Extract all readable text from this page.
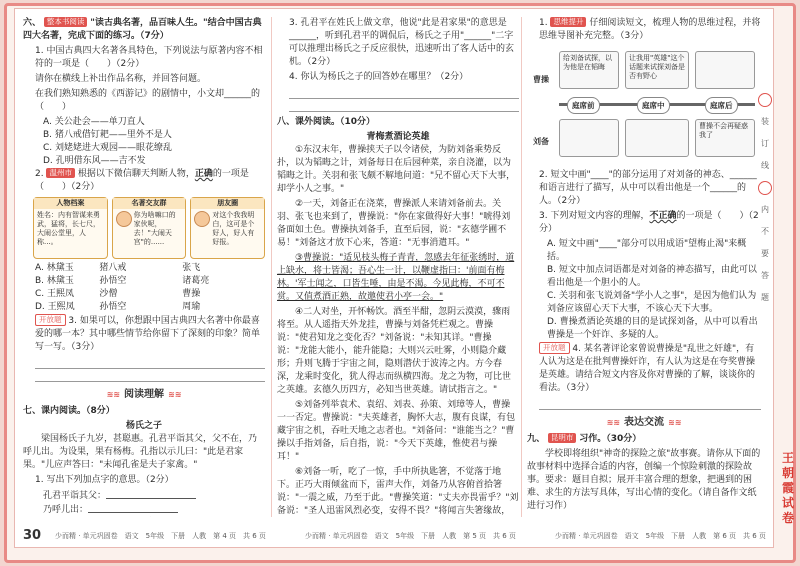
六、 整本书阅读 "读古典名著，品百味人生。"结合中国古典四大名著，完成下面的练习。（7分）
1. 中国古典四大名著各具特色，下列说法与原著内容不相符的一项是（　　）（2分）
请你在横线上补出作品名称，并回答问题。
在我们熟知熟悉的《西游记》的剧情中，小文却______的（　　）
A. 关公赴会——单刀直人
B. 猪八戒借钉耙——里外不是人
C. 刘姥姥进大观园——眼花缭乱
D. 孔明借东风——吉不发
2. 温州市 根据以下微信聊天判断人物，正确的一项是（　　）（2分）
人物档案
姓名：内有智谋来勇武，猛将，长七尺，大闹公堂里，人称...。
名著交友群
你为啥嘛口的家伙呢，去！"大闹天宫"的......
朋友圈
对这个我我明白，这可是个好人，好人有好报。
A. 林黛玉	猪八戒	张飞
B. 林黛玉	孙悟空	诸葛亮
C. 王熙凤	沙僧	曹操
D. 王熙凤	孙悟空	周瑜
开放题 3. 如果可以，你想跟中国古典四大名著中你最喜爱的哪一本？其中哪些情节给你留下了深刻的印象？简单写一写。（3分）
≋≋ 阅读理解 ≋≋
七、课内阅读。（8分）
杨氏之子
梁国杨氏子九岁，甚聪惠。孔君平诣其父，父不在，乃呼儿出。为设果，果有杨梅。孔指以示儿曰："此是君家果。"儿应声答曰："未闻孔雀是夫子家禽。"
1. 写出下列加点字的意思。（2分）
孔君平诣其父：
乃呼儿出：
30 少而精 · 单元巩固卷　语文　5年级　下册　人教　第 4 页　共 6 页
3. 孔君平在姓氏上做文章，他说"此是君家果"的意思是______，听到孔君平的调侃后，杨氏之子用"______"二字可以推理出杨氏之子反应很快，迅速听出了客人话中的玄机。（2分）
4. 你认为杨氏之子的回答妙在哪里？（2分）
八、课外阅读。（10分）
青梅煮酒论英雄
①东汉末年，曹操挟天子以令诸侯，为防刘备乘势反扑，以为韬晦之计，刘备每日在后园种菜，亲自浇灌，以为韬晦之计。关羽和张飞颇不解地问道："兄不留心天下大事，却学小人之事。"
②一天，刘备正在浇菜，曹操派人来请刘备前去。关羽、张飞也来到了，曹操说："你在家做得好大事！"唬得刘备面如土色。曹操执刘备手，直至后园，说："玄德学圃不易！"刘备这才放下心来，答道："无事消遣耳。"
③曹操说："适见枝头梅子青青，忽感去年征张绣时，道上缺水，将士皆渴；吾心生一计，以鞭虚指曰：'前面有梅林。'军士闻之，口皆生唾，由是不渴。今见此梅，不可不赏。又值煮酒正熟，故邀使君小亭一会。"
④二人对坐，开怀畅饮。酒至半酣，忽阴云漠漠，骤雨将至。从人遥指天外龙挂，曹操与刘备凭栏观之。曹操说："使君知龙之变化否？"刘备说："未知其详。"曹操说："龙能大能小，能升能隐；大则兴云吐雾，小则隐介藏形；升则飞腾于宇宙之间，隐则潜伏于波涛之内。方今春深，龙乘时变化，犹人得志而纵横四海。龙之为物，可比世之英雄。玄德久历四方，必知当世英雄。请试指言之。"
⑤刘备列举袁术、袁绍、刘表、孙策、刘璋等人，曹操一一否定。曹操说："夫英雄者，胸怀大志，腹有良谋，有包藏宇宙之机，吞吐天地之志者也。"刘备问："谁能当之？"曹操以手指刘备，后自指，说："今天下英雄，惟使君与操耳！"
⑥刘备一听，吃了一惊，手中所执匙箸，不觉落于地下。正巧大雨倾盆而下，雷声大作，刘备乃从容俯首拾箸说："一震之威，乃至于此。"曹操笑道："丈夫亦畏雷乎？"刘备说："圣人迅雷风烈必变，安得不畏？"将闻言失箸缘故，
少而精 · 单元巩固卷　语文　5年级　下册　人教　第 5 页　共 6 页
1. 思维提升 仔细阅读短文，梳理人物的思维过程，并将思维导图补充完整。（3分）
曹操
刘备
给刘备试探，以为他是在韬晦
让我用"英雄"这个话题来试探刘备是否有野心
庭席前	庭席中	庭席后
曹操不会再疑惑我了
2. 短文中画"____"的部分运用了对刘备的神态、______和语言进行了描写，从中可以看出他是一个______的人。（2分）
3. 下列对短文内容的理解，不正确的一项是（　　）（2分）
A. 短文中画"____"部分可以用成语"望梅止渴"来概括。
B. 短文中加点词语都是对刘备的神态描写，由此可以看出他是一个胆小的人。
C. 关羽和张飞说刘备"学小人之事"，是因为他们认为刘备应该留心天下大事，不该心天下大事。
D. 曹操煮酒论英雄的目的是试探刘备，从中可以看出曹操是一个奸诈、多疑的人。
开放题 4. 某名著评论家曾说曹操是"乱世之奸雄"，有人认为这是在批判曹操奸诈，有人认为这是在夸奖曹操是英雄。请结合短文内容及你对曹操的了解，谈谈你的看法。（3分）
≋≋ 表达交流 ≋≋
九、 昆明市 习作。（30分）
学校即将组织"神奇的探险之旅"故事赛。请你从下面的故事材料中选择合适的内容，创编一个惊险刺激的探险故事。要求：题目自拟；展开丰富合理的想象，把遇到的困难、求生的方法写具体，写出心情的变化。（请自备作文纸进行习作）
少而精 · 单元巩固卷　语文　5年级　下册　人教　第 6 页　共 6 页
装
订
线
内
不
要
答
题
王朝霞试卷
